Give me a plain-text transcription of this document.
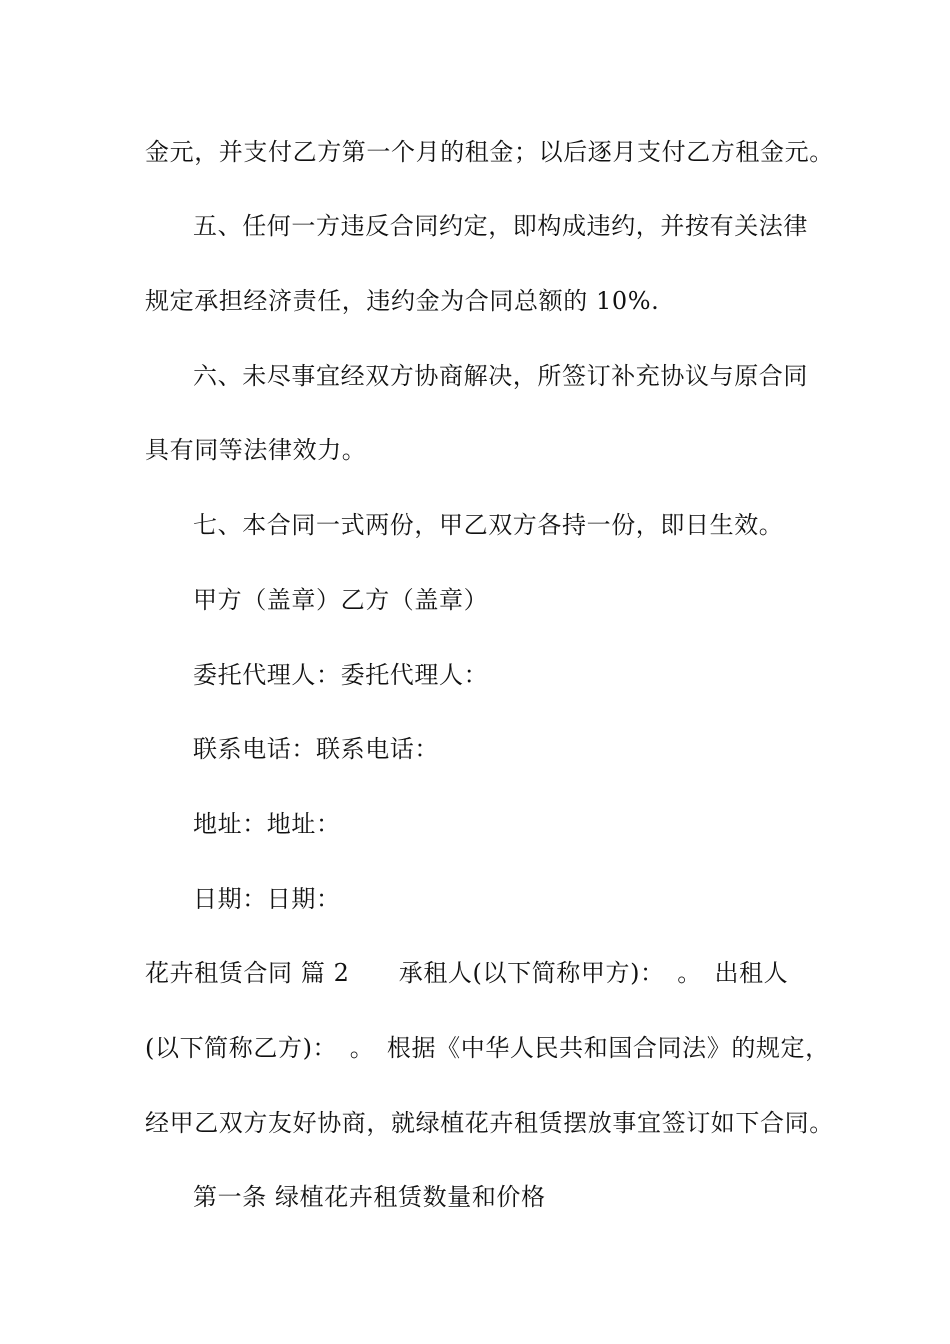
金元，并支付乙方第一个月的租金；以后逐月支付乙方租金元。
五、任何一方违反合同约定，即构成违约，并按有关法律
规定承担经济责任，违约金为合同总额的 10%.
六、未尽事宜经双方协商解决，所签订补充协议与原合同
具有同等法律效力。
七、本合同一式两份，甲乙双方各持一份，即日生效。
甲方（盖章）乙方（盖章）
委托代理人：委托代理人：
联系电话：联系电话：
地址：地址：
日期：日期：
花卉租赁合同 篇 2　　承租人(以下简称甲方)：　。　出租人
(以下简称乙方)：　。　根据《中华人民共和国合同法》的规定，
经甲乙双方友好协商，就绿植花卉租赁摆放事宜签订如下合同。
第一条 绿植花卉租赁数量和价格
